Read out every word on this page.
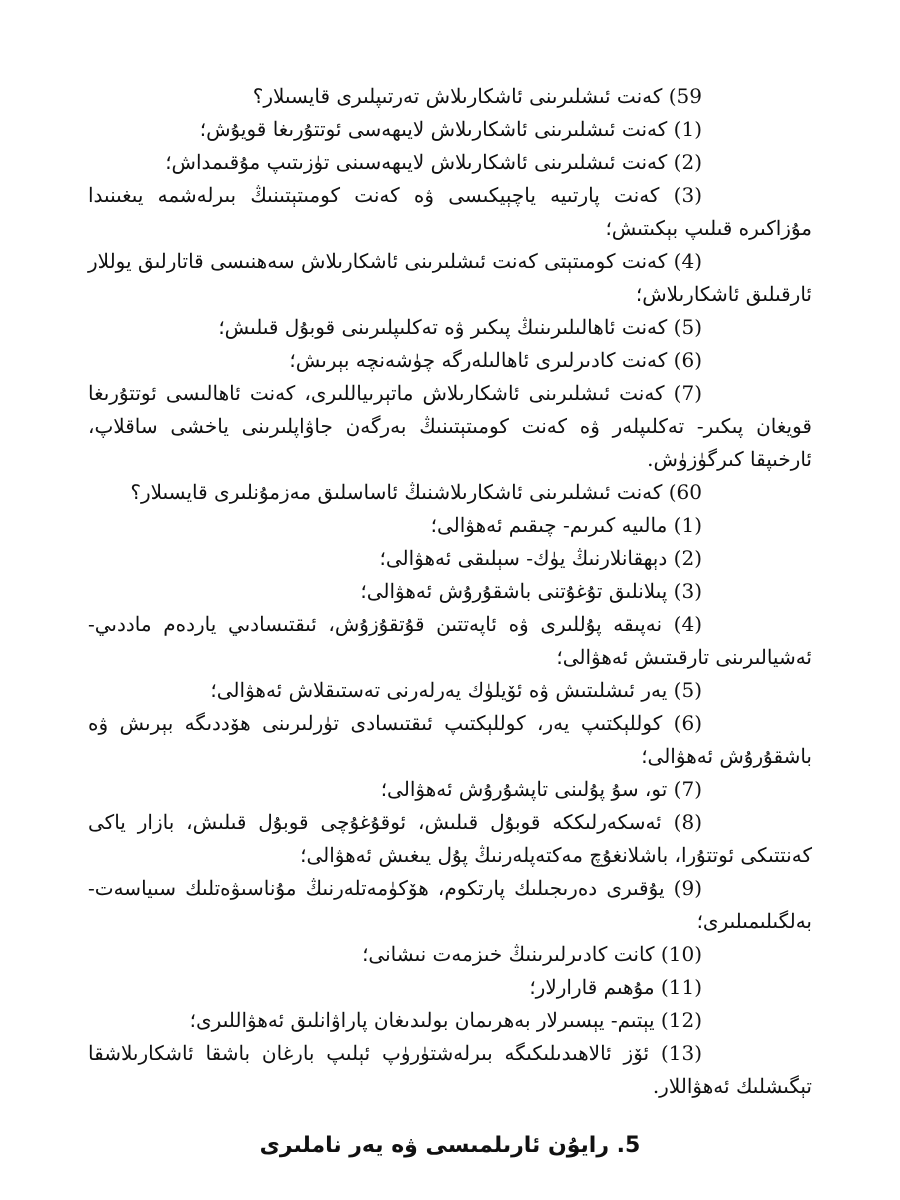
59) كەنت ئىشلىرىنى ئاشكارىلاش تەرتىپلىرى قايسىلار؟

(1) كەنت ئىشلىرىنى ئاشكارىلاش لايىھەسى ئوتتۇرىغا قويۇش؛

(2) كەنت ئىشلىرىنى ئاشكارىلاش لايىھەسىنى تۈزىتىپ مۇقىمداش؛

(3) كەنت پارتىيە ياچېيكىسى ۋە كەنت كومىتېتىنىڭ بىرلەشمە يىغىنىدا مۇزاكىرە قىلىپ بېكىتىش؛

(4) كەنت كومىتېتى كەنت ئىشلىرىنى ئاشكارىلاش سەھنىسى قاتارلىق يوللار ئارقىلىق ئاشكارىلاش؛

(5) كەنت ئاھالىلىرىنىڭ پىكىر ۋە تەكلىپلىرىنى قوبۇل قىلىش؛

(6) كەنت كادىرلىرى ئاھالىلەرگە چۈشەنچە بېرىش؛

(7) كەنت ئىشلىرىنى ئاشكارىلاش ماتېرىياللىرى، كەنت ئاھالىسى ئوتتۇرىغا قويغان پىكىر- تەكلىپلەر ۋە كەنت كومىتېتىنىڭ بەرگەن جاۋاپلىرىنى ياخشى ساقلاپ، ئارخىپقا كىرگۈزۈش.

60) كەنت ئىشلىرىنى ئاشكارىلاشنىڭ ئاساسلىق مەزمۇنلىرى قايسىلار؟

(1) مالىيە كىرىم- چىقىم ئەھۋالى؛

(2) دېھقانلارنىڭ يۈك- سېلىقى ئەھۋالى؛

(3) پىلانلىق تۇغۇتنى باشقۇرۇش ئەھۋالى؛

(4) نەپىقە پۇللىرى ۋە ئاپەتتىن قۇتقۇزۇش، ئىقتىسادىي ياردەم ماددىي- ئەشيالىرىنى تارقىتىش ئەھۋالى؛

(5) يەر ئىشلىتىش ۋە ئۆيلۈك يەرلەرنى تەستىقلاش ئەھۋالى؛

(6) كوللېكتىپ يەر، كوللېكتىپ ئىقتىسادى تۈرلىرىنى ھۆددىگە بېرىش ۋە باشقۇرۇش ئەھۋالى؛

(7) تو، سۇ پۇلىنى تاپشۇرۇش ئەھۋالى؛

(8) ئەسكەرلىككە قوبۇل قىلىش، ئوقۇغۇچى قوبۇل قىلىش، بازار ياكى كەنتتىكى ئوتتۇرا، باشلانغۇچ مەكتەپلەرنىڭ پۇل يىغىش ئەھۋالى؛

(9) يۇقىرى دەرىجىلىك پارتكوم، ھۆكۈمەتلەرنىڭ مۇناسىۋەتلىك سىياسەت- بەلگىلىمىلىرى؛

(10) كانت كادىرلىرىنىڭ خىزمەت نىشانى؛

(11) مۇھىم قارارلار؛

(12) يېتىم- يېسىرلار بەھرىمان بولىدىغان پاراۋانلىق ئەھۋاللىرى؛

(13) ئۆز ئالاھىدىلىكىگە بىرلەشتۈرۈپ ئېلىپ بارغان باشقا ئاشكارىلاشقا تېگىشلىك ئەھۋاللار.

5. رايۇن ئارىلمىسى ۋە يەر ناملىرى
